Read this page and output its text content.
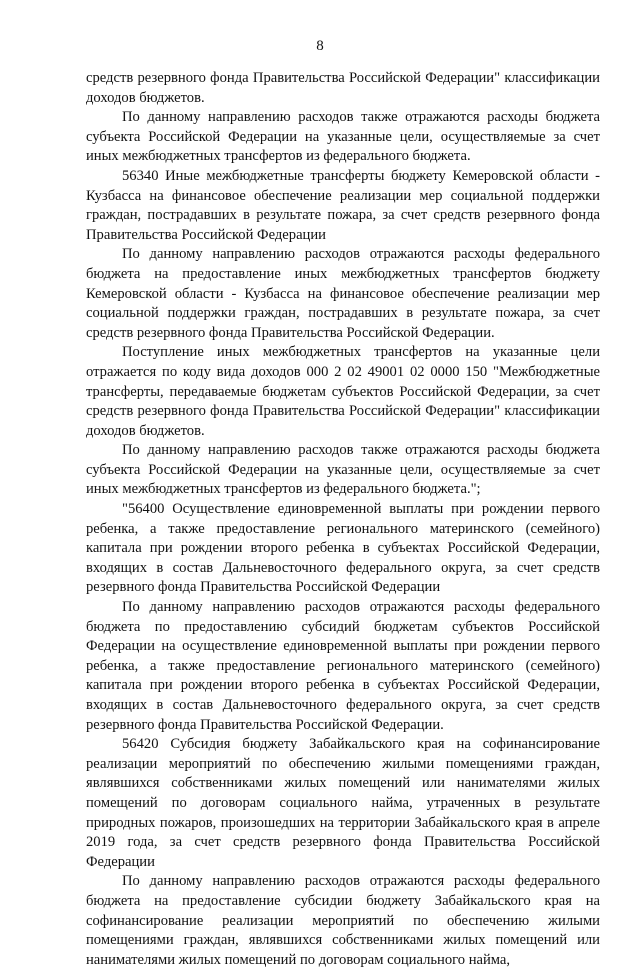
8

средств резервного фонда Правительства Российской Федерации" классификации доходов бюджетов.

По данному направлению расходов также отражаются расходы бюджета субъекта Российской Федерации на указанные цели, осуществляемые за счет иных межбюджетных трансфертов из федерального бюджета.

56340 Иные межбюджетные трансферты бюджету Кемеровской области - Кузбасса на финансовое обеспечение реализации мер социальной поддержки граждан, пострадавших в результате пожара, за счет средств резервного фонда Правительства Российской Федерации

По данному направлению расходов отражаются расходы федерального бюджета на предоставление иных межбюджетных трансфертов бюджету Кемеровской области - Кузбасса на финансовое обеспечение реализации мер социальной поддержки граждан, пострадавших в результате пожара, за счет средств резервного фонда Правительства Российской Федерации.

Поступление иных межбюджетных трансфертов на указанные цели отражается по коду вида доходов 000 2 02 49001 02 0000 150 "Межбюджетные трансферты, передаваемые бюджетам субъектов Российской Федерации, за счет средств резервного фонда Правительства Российской Федерации" классификации доходов бюджетов.

По данному направлению расходов также отражаются расходы бюджета субъекта Российской Федерации на указанные цели, осуществляемые за счет иных межбюджетных трансфертов из федерального бюджета.";

"56400 Осуществление единовременной выплаты при рождении первого ребенка, а также предоставление регионального материнского (семейного) капитала при рождении второго ребенка в субъектах Российской Федерации, входящих в состав Дальневосточного федерального округа, за счет средств резервного фонда Правительства Российской Федерации

По данному направлению расходов отражаются расходы федерального бюджета по предоставлению субсидий бюджетам субъектов Российской Федерации на осуществление единовременной выплаты при рождении первого ребенка, а также предоставление регионального материнского (семейного) капитала при рождении второго ребенка в субъектах Российской Федерации, входящих в состав Дальневосточного федерального округа, за счет средств резервного фонда Правительства Российской Федерации.

56420 Субсидия бюджету Забайкальского края на софинансирование реализации мероприятий по обеспечению жилыми помещениями граждан, являвшихся собственниками жилых помещений или нанимателями жилых помещений по договорам социального найма, утраченных в результате природных пожаров, произошедших на территории Забайкальского края в апреле 2019 года, за счет средств резервного фонда Правительства Российской Федерации

По данному направлению расходов отражаются расходы федерального бюджета на предоставление субсидии бюджету Забайкальского края на софинансирование реализации мероприятий по обеспечению жилыми помещениями граждан, являвшихся собственниками жилых помещений или нанимателями жилых помещений по договорам социального найма,
